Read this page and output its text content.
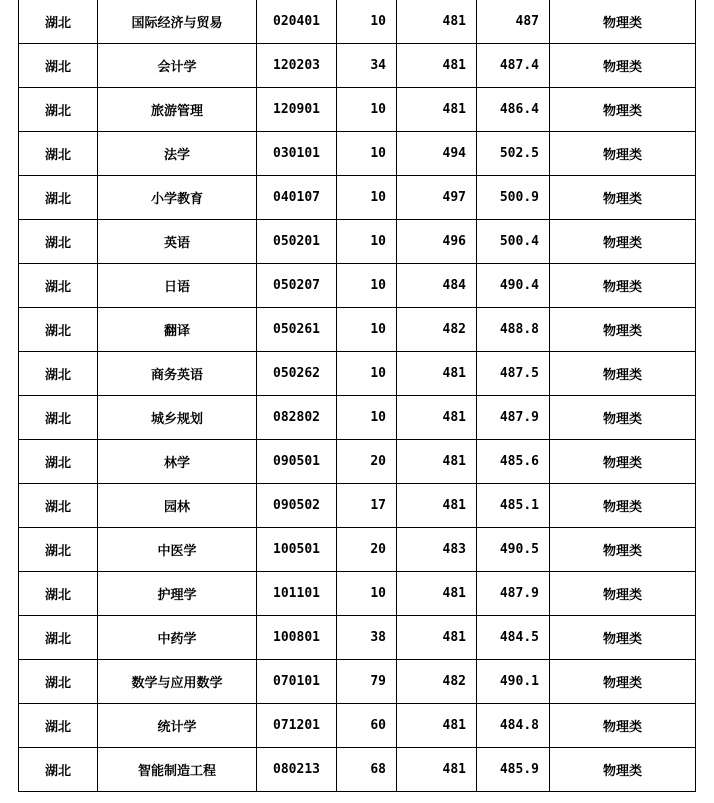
湖北	国际经济与贸易	020401	10	481	487	物理类
湖北	会计学	120203	34	481	487.4	物理类
湖北	旅游管理	120901	10	481	486.4	物理类
湖北	法学	030101	10	494	502.5	物理类
湖北	小学教育	040107	10	497	500.9	物理类
湖北	英语	050201	10	496	500.4	物理类
湖北	日语	050207	10	484	490.4	物理类
湖北	翻译	050261	10	482	488.8	物理类
湖北	商务英语	050262	10	481	487.5	物理类
湖北	城乡规划	082802	10	481	487.9	物理类
湖北	林学	090501	20	481	485.6	物理类
湖北	园林	090502	17	481	485.1	物理类
湖北	中医学	100501	20	483	490.5	物理类
湖北	护理学	101101	10	481	487.9	物理类
湖北	中药学	100801	38	481	484.5	物理类
湖北	数学与应用数学	070101	79	482	490.1	物理类
湖北	统计学	071201	60	481	484.8	物理类
湖北	智能制造工程	080213	68	481	485.9	物理类
